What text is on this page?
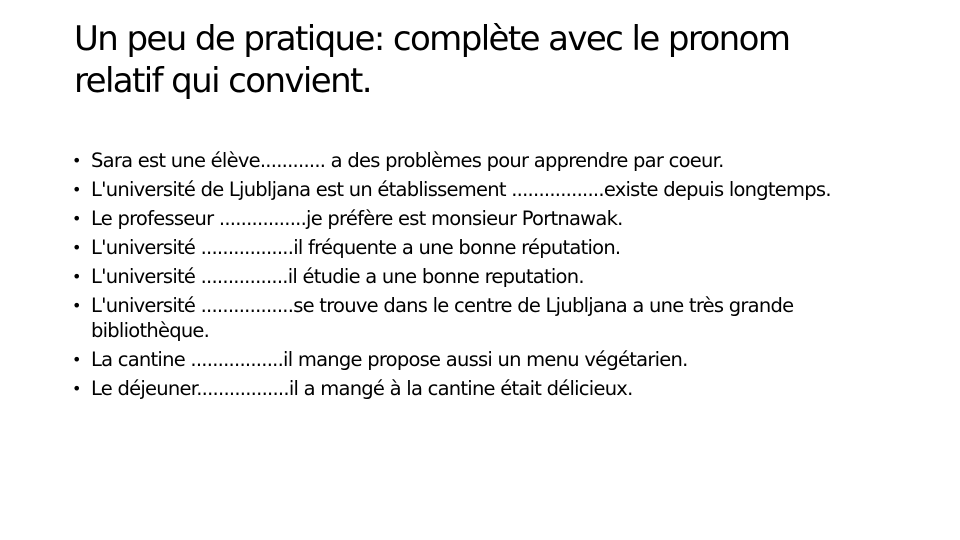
Un peu de pratique: complète avec le pronom
relatif qui convient.
• Sara est une élève............ a des problèmes pour apprendre par coeur.
• L'université de Ljubljana est un établissement .................existe depuis longtemps.
• Le professeur ................je préfère est monsieur Portnawak.
• L'université .................il fréquente a une bonne réputation.
• L'université ................il étudie a une bonne reputation.
• L'université .................se trouve dans le centre de Ljubljana a une très grande bibliothèque.
• La cantine .................il mange propose aussi un menu végétarien.
• Le déjeuner.................il a mangé à la cantine était délicieux.
